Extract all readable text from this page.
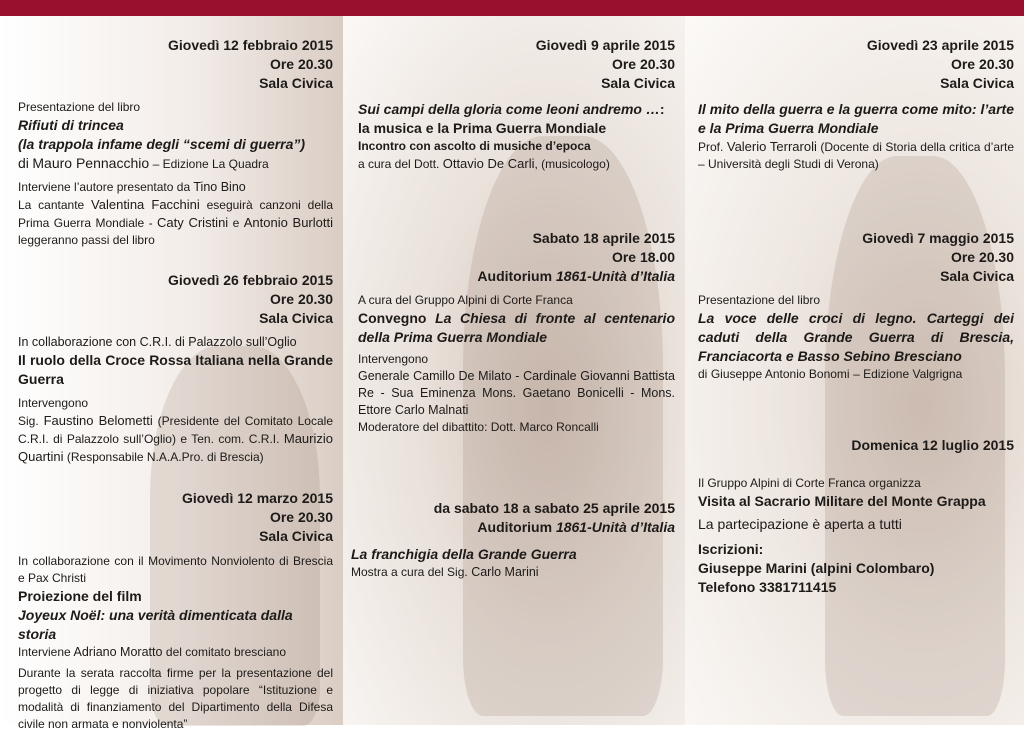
Giovedì 12 febbraio 2015

Ore 20.30

Sala Civica

Presentazione del libro

Rifiuti di trincea

(la trappola infame degli “scemi di guerra”)

di Mauro Pennacchio – Edizione La Quadra

Interviene l’autore presentato da Tino Bino

La cantante Valentina Facchini eseguirà canzoni della Prima Guerra Mondiale - Caty Cristini e Antonio Burlotti leggeranno passi del libro

Giovedì 26 febbraio 2015

Ore 20.30

Sala Civica

In collaborazione con C.R.I. di Palazzolo sull’Oglio

Il ruolo della Croce Rossa Italiana nella Grande Guerra

Intervengono

Sig. Faustino Belometti (Presidente del Comitato Locale C.R.I. di Palazzolo sull’Oglio) e Ten. com. C.R.I. Maurizio Quartini (Responsabile N.A.A.Pro. di Brescia)

Giovedì 12 marzo 2015

Ore 20.30

Sala Civica

In collaborazione con il Movimento Nonviolento di Brescia e Pax Christi

Proiezione del film

Joyeux Noël: una verità dimenticata dalla storia

Interviene Adriano Moratto del comitato bresciano

Durante la serata raccolta firme per la presentazione del progetto di legge di iniziativa popolare “Istituzione e modalità di finanziamento del Dipartimento della Difesa civile non armata e nonviolenta”

Giovedì 9 aprile 2015

Ore 20.30

Sala Civica

Sui campi della gloria come leoni andremo …:

la musica e la Prima Guerra Mondiale

Incontro con ascolto di musiche d’epoca

a cura del Dott. Ottavio De Carli, (musicologo)

Sabato 18 aprile 2015

Ore 18.00

Auditorium 1861-Unità d’Italia

A cura del Gruppo Alpini di Corte Franca

Convegno La Chiesa di fronte al centenario della Prima Guerra Mondiale

Intervengono

Generale Camillo De Milato - Cardinale Giovanni Battista Re - Sua Eminenza Mons. Gaetano Bonicelli - Mons. Ettore Carlo Malnati

Moderatore del dibattito: Dott. Marco Roncalli

da sabato 18 a sabato 25 aprile 2015

Auditorium 1861-Unità d’Italia

La franchigia della Grande Guerra

Mostra a cura del Sig. Carlo Marini

Giovedì 23 aprile 2015

Ore 20.30

Sala Civica

Il mito della guerra e la guerra come mito: l’arte e la Prima Guerra Mondiale

Prof. Valerio Terraroli (Docente di Storia della critica d’arte – Università degli Studi di Verona)

Giovedì 7 maggio 2015

Ore 20.30

Sala Civica

Presentazione del libro

La voce delle croci di legno. Carteggi dei caduti della Grande Guerra di Brescia, Franciacorta e Basso Sebino Bresciano

di Giuseppe Antonio Bonomi – Edizione Valgrigna

Domenica 12 luglio 2015

Il Gruppo Alpini di Corte Franca organizza

Visita al Sacrario Militare del Monte Grappa

La partecipazione è aperta a tutti

Iscrizioni:

Giuseppe Marini (alpini Colombaro)

Telefono 3381711415
